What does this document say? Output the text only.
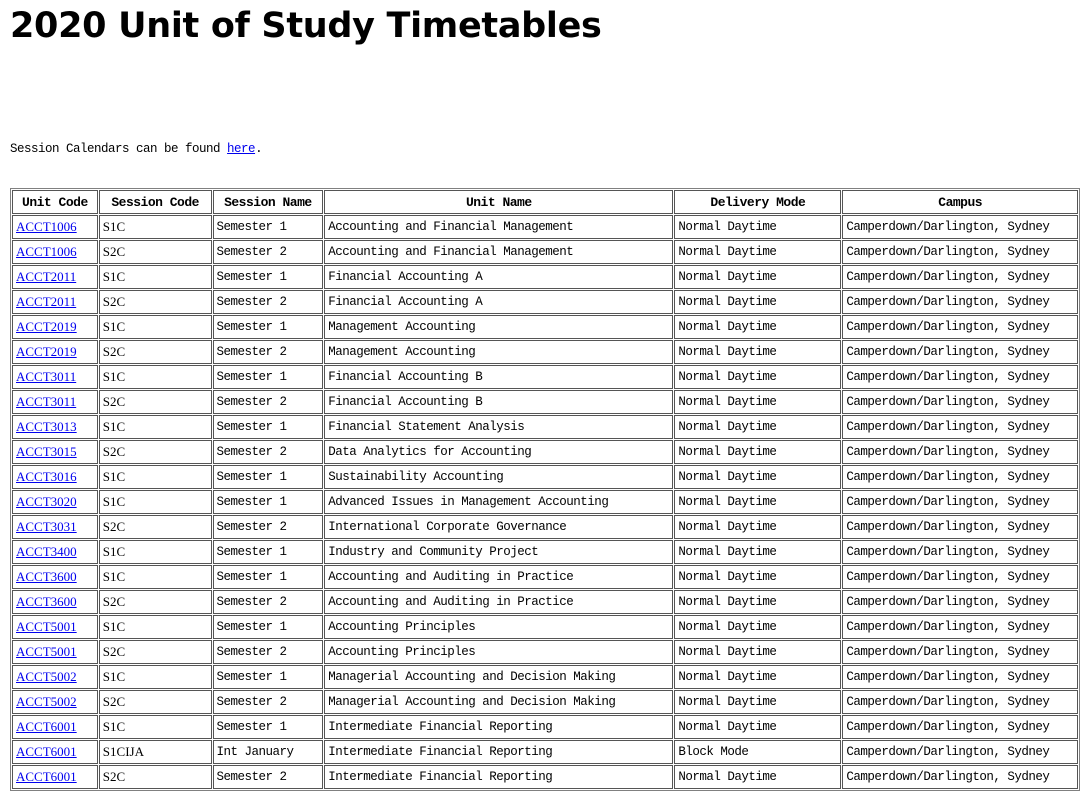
2020 Unit of Study Timetables
Session Calendars can be found here.
Unit Code	Session Code	Session Name	Unit Name	Delivery Mode	Campus
ACCT1006	S1C	Semester 1	Accounting and Financial Management	Normal Daytime	Camperdown/Darlington, Sydney
ACCT1006	S2C	Semester 2	Accounting and Financial Management	Normal Daytime	Camperdown/Darlington, Sydney
ACCT2011	S1C	Semester 1	Financial Accounting A	Normal Daytime	Camperdown/Darlington, Sydney
ACCT2011	S2C	Semester 2	Financial Accounting A	Normal Daytime	Camperdown/Darlington, Sydney
ACCT2019	S1C	Semester 1	Management Accounting	Normal Daytime	Camperdown/Darlington, Sydney
ACCT2019	S2C	Semester 2	Management Accounting	Normal Daytime	Camperdown/Darlington, Sydney
ACCT3011	S1C	Semester 1	Financial Accounting B	Normal Daytime	Camperdown/Darlington, Sydney
ACCT3011	S2C	Semester 2	Financial Accounting B	Normal Daytime	Camperdown/Darlington, Sydney
ACCT3013	S1C	Semester 1	Financial Statement Analysis	Normal Daytime	Camperdown/Darlington, Sydney
ACCT3015	S2C	Semester 2	Data Analytics for Accounting	Normal Daytime	Camperdown/Darlington, Sydney
ACCT3016	S1C	Semester 1	Sustainability Accounting	Normal Daytime	Camperdown/Darlington, Sydney
ACCT3020	S1C	Semester 1	Advanced Issues in Management Accounting	Normal Daytime	Camperdown/Darlington, Sydney
ACCT3031	S2C	Semester 2	International Corporate Governance	Normal Daytime	Camperdown/Darlington, Sydney
ACCT3400	S1C	Semester 1	Industry and Community Project	Normal Daytime	Camperdown/Darlington, Sydney
ACCT3600	S1C	Semester 1	Accounting and Auditing in Practice	Normal Daytime	Camperdown/Darlington, Sydney
ACCT3600	S2C	Semester 2	Accounting and Auditing in Practice	Normal Daytime	Camperdown/Darlington, Sydney
ACCT5001	S1C	Semester 1	Accounting Principles	Normal Daytime	Camperdown/Darlington, Sydney
ACCT5001	S2C	Semester 2	Accounting Principles	Normal Daytime	Camperdown/Darlington, Sydney
ACCT5002	S1C	Semester 1	Managerial Accounting and Decision Making	Normal Daytime	Camperdown/Darlington, Sydney
ACCT5002	S2C	Semester 2	Managerial Accounting and Decision Making	Normal Daytime	Camperdown/Darlington, Sydney
ACCT6001	S1C	Semester 1	Intermediate Financial Reporting	Normal Daytime	Camperdown/Darlington, Sydney
ACCT6001	S1CIJA	Int January	Intermediate Financial Reporting	Block Mode	Camperdown/Darlington, Sydney
ACCT6001	S2C	Semester 2	Intermediate Financial Reporting	Normal Daytime	Camperdown/Darlington, Sydney
